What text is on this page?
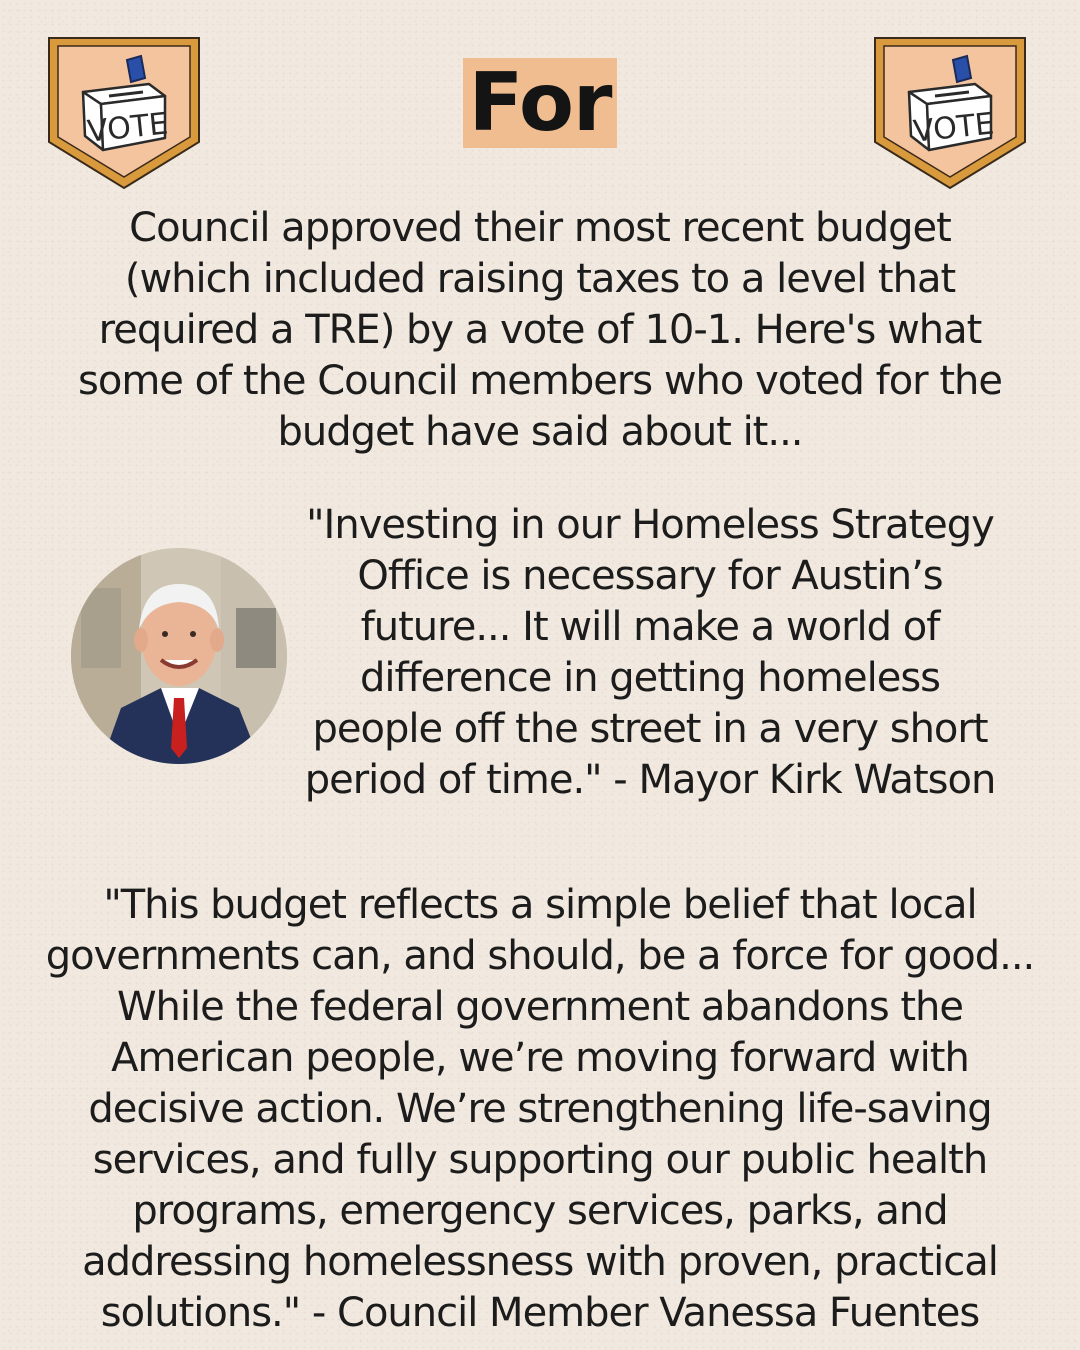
VOTE	For	VOTE
Council approved their most recent budget (which included raising taxes to a level that required a TRE) by a vote of 10-1. Here's what some of the Council members who voted for the budget have said about it...
"Investing in our Homeless Strategy Office is necessary for Austin’s future... It will make a world of difference in getting homeless people off the street in a very short period of time." - Mayor Kirk Watson
"This budget reflects a simple belief that local governments can, and should, be a force for good... While the federal government abandons the American people, we’re moving forward with decisive action. We’re strengthening life-saving services, and fully supporting our public health programs, emergency services, parks, and addressing homelessness with proven, practical solutions." - Council Member Vanessa Fuentes
